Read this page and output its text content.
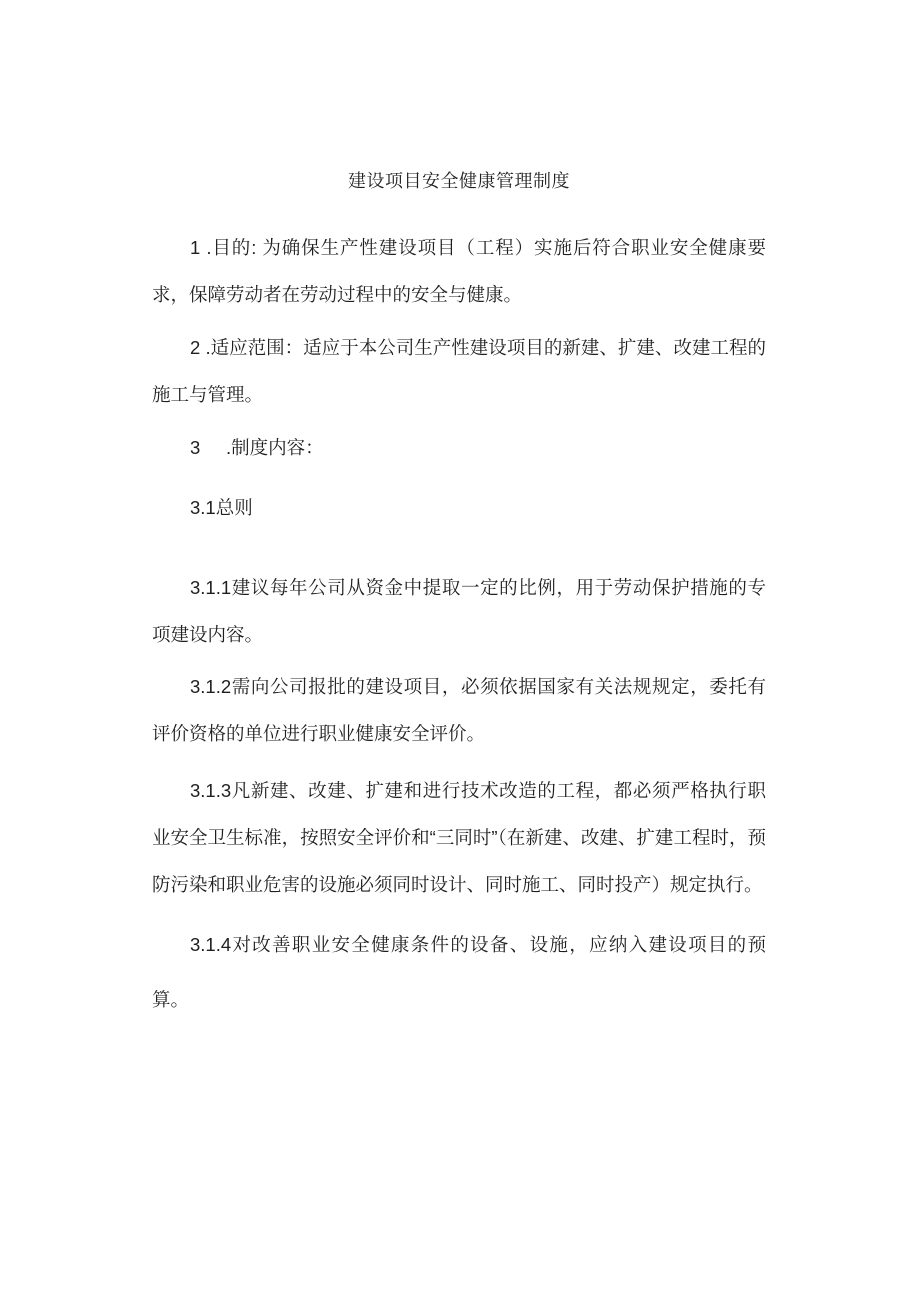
建设项目安全健康管理制度

1 .目的: 为确保生产性建设项目（工程）实施后符合职业安全健康要求，保障劳动者在劳动过程中的安全与健康。

2 .适应范围：适应于本公司生产性建设项目的新建、扩建、改建工程的施工与管理。

3     .制度内容：

3.1总则

3.1.1建议每年公司从资金中提取一定的比例，用于劳动保护措施的专项建设内容。

3.1.2需向公司报批的建设项目，必须依据国家有关法规规定，委托有评价资格的单位进行职业健康安全评价。

3.1.3凡新建、改建、扩建和进行技术改造的工程，都必须严格执行职业安全卫生标准，按照安全评价和“三同时”（在新建、改建、扩建工程时，预防污染和职业危害的设施必须同时设计、同时施工、同时投产）规定执行。

3.1.4对改善职业安全健康条件的设备、设施，应纳入建设项目的预算。
